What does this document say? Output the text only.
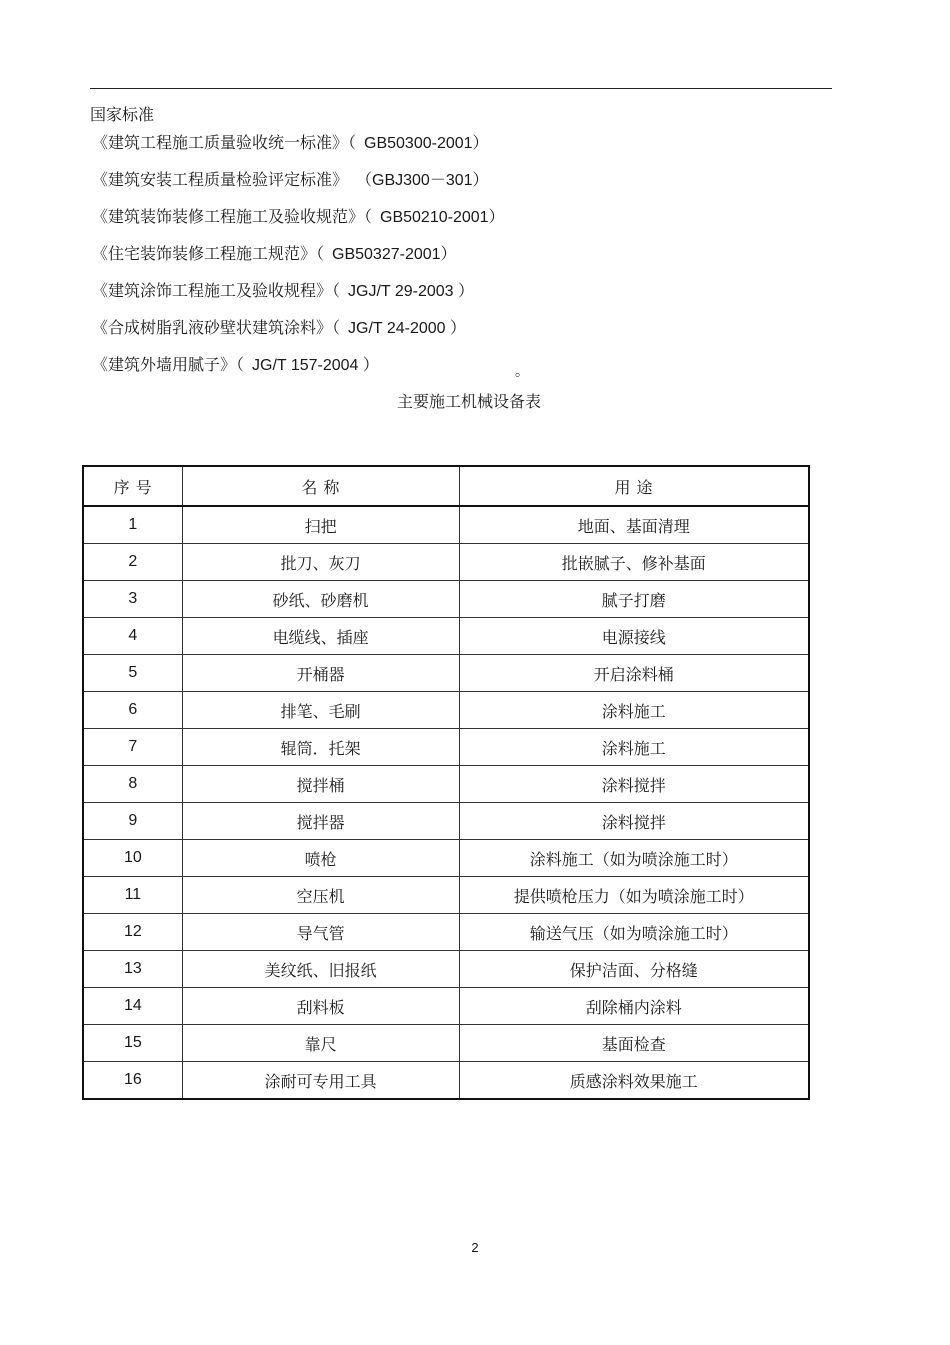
国家标准
《建筑工程施工质量验收统一标准》（ GB50300-2001）
《建筑安装工程质量检验评定标准》 （GBJ300－301）
《建筑装饰装修工程施工及验收规范》（ GB50210-2001）
《住宅装饰装修工程施工规范》（ GB50327-2001）
《建筑涂饰工程施工及验收规程》（ JGJ/T 29-2003 ）
《合成树脂乳液砂壁状建筑涂料》（ JG/T 24-2000 ）
《建筑外墙用腻子》（ JG/T 157-2004 ）	。
主要施工机械设备表
序 号	名 称	用 途
1	扫把	地面、基面清理
2	批刀、灰刀	批嵌腻子、修补基面
3	砂纸、砂磨机	腻子打磨
4	电缆线、插座	电源接线
5	开桶器	开启涂料桶
6	排笔、毛刷	涂料施工
7	辊筒．托架	涂料施工
8	搅拌桶	涂料搅拌
9	搅拌器	涂料搅拌
10	喷枪	涂料施工（如为喷涂施工时）
11	空压机	提供喷枪压力（如为喷涂施工时）
12	导气管	输送气压（如为喷涂施工时）
13	美纹纸、旧报纸	保护洁面、分格缝
14	刮料板	刮除桶内涂料
15	靠尺	基面检查
16	涂耐可专用工具	质感涂料效果施工
2
